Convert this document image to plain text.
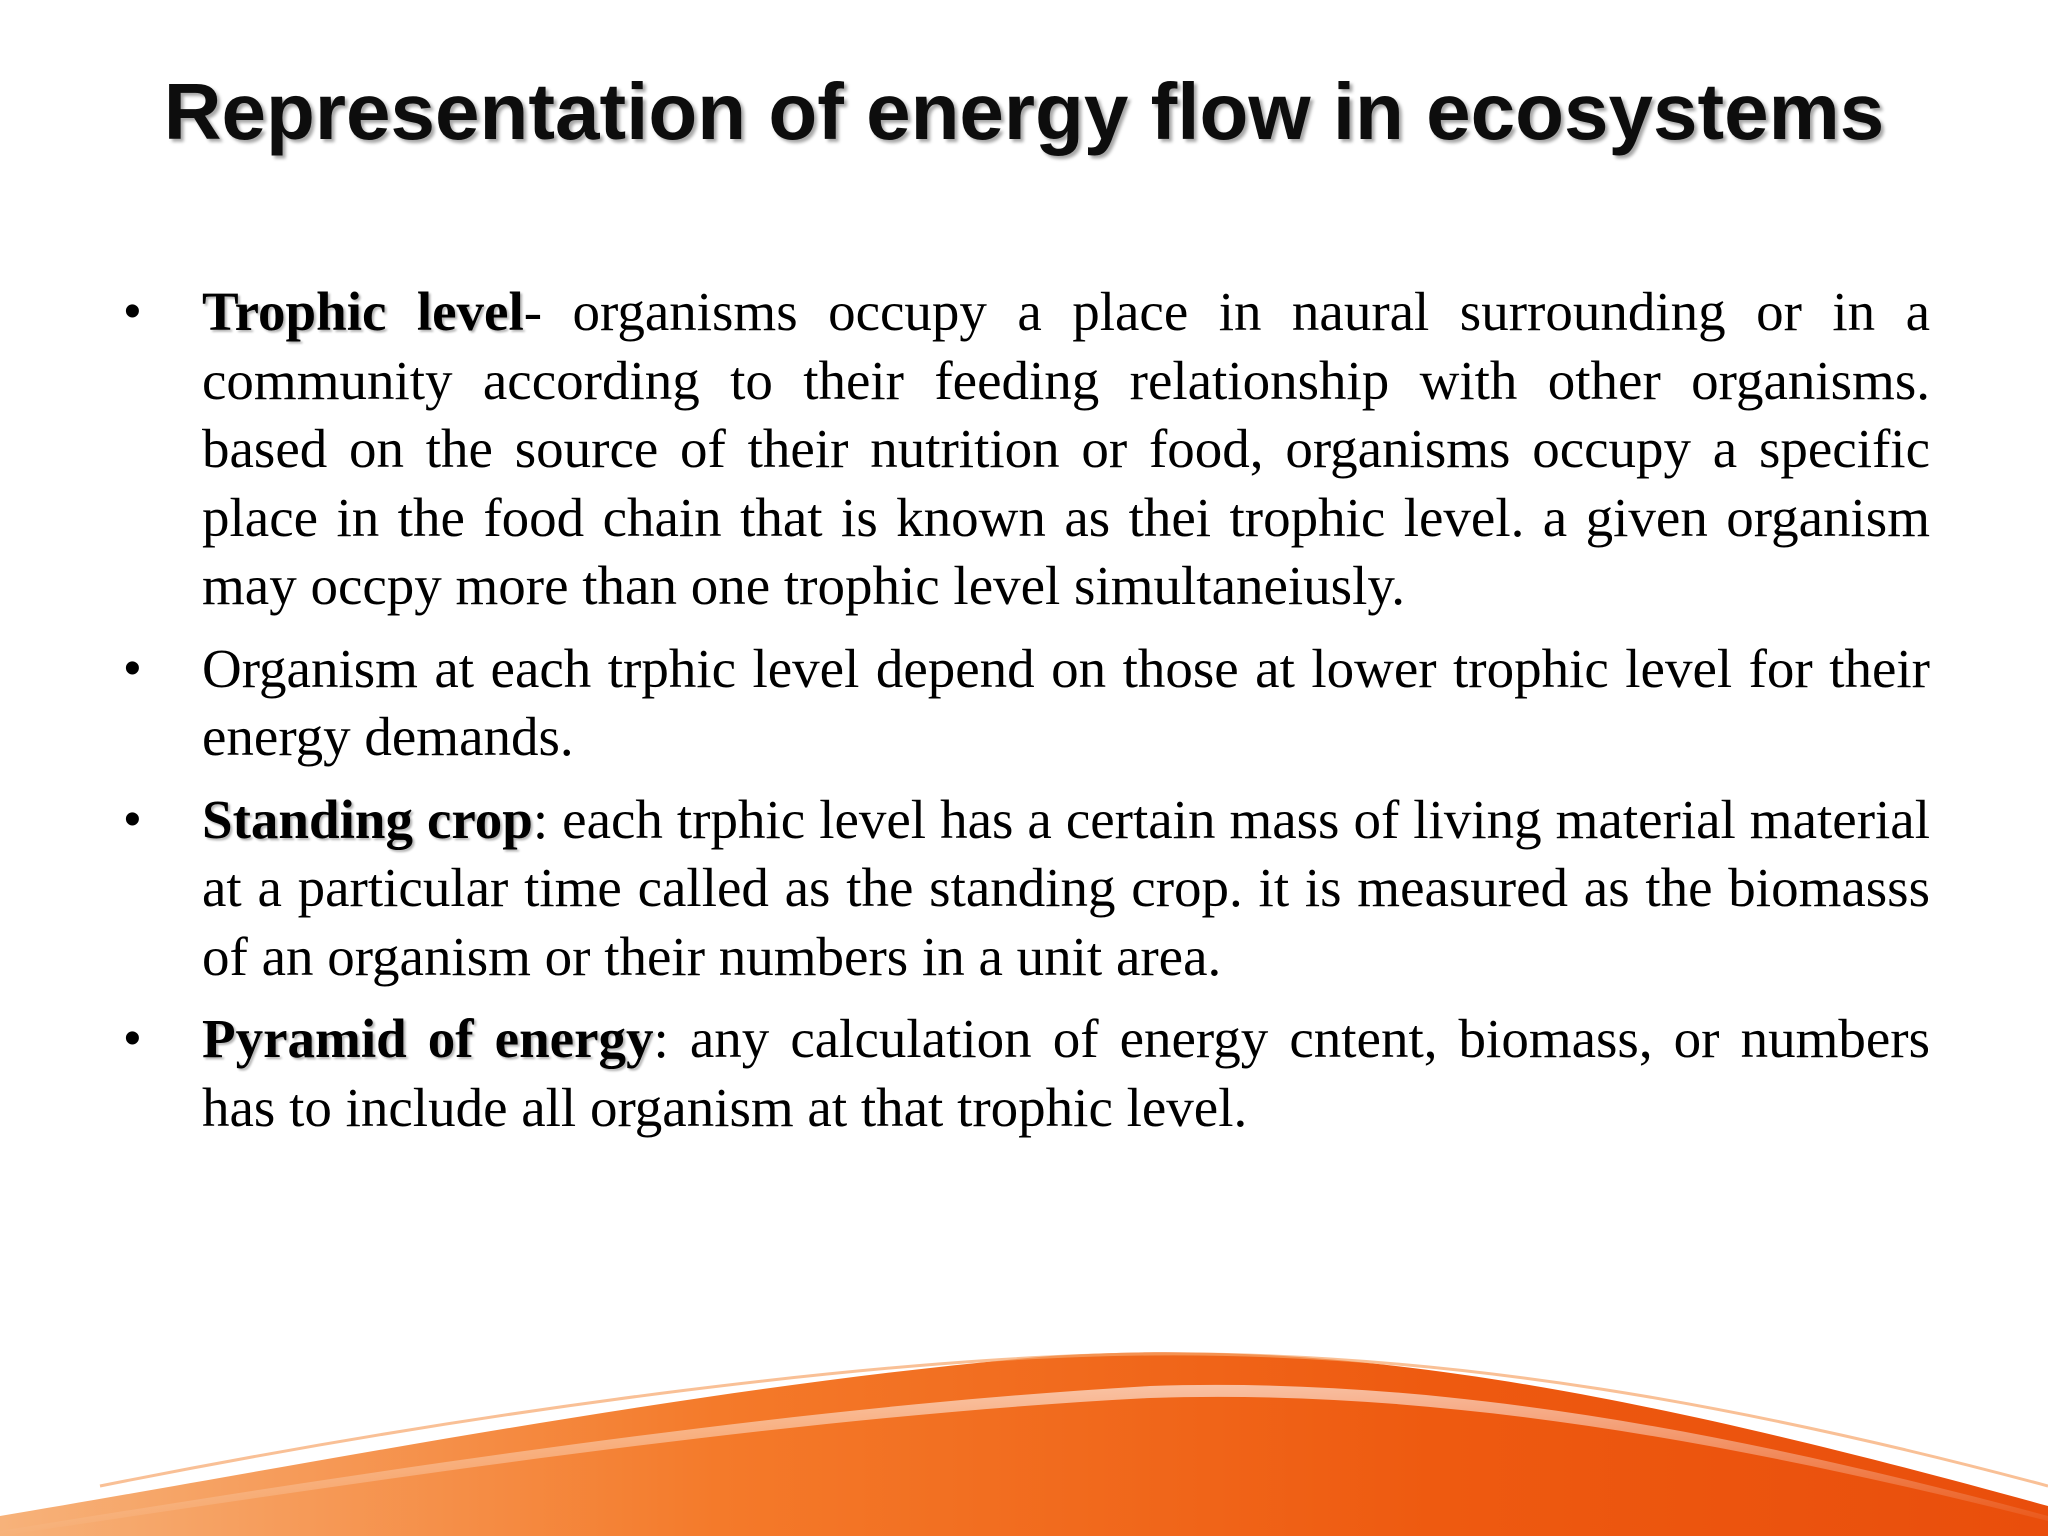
Representation of energy flow in ecosystems
• Trophic level- organisms occupy a place in naural surrounding or in a community according to their feeding relationship with other organisms. based on the source of their nutrition or food, organisms occupy a specific place in the food chain that is known as thei trophic level. a given organism may occpy more than one trophic level simultaneiusly.
• Organism at each trphic level depend on those at lower trophic level for their energy demands.
• Standing crop: each trphic level has a certain mass of living material material at a particular time called as the standing crop. it is measured as the biomasss of an organism or their numbers in a unit area.
• Pyramid of energy: any calculation of energy cntent, biomass, or numbers has to include all organism at that trophic level.
